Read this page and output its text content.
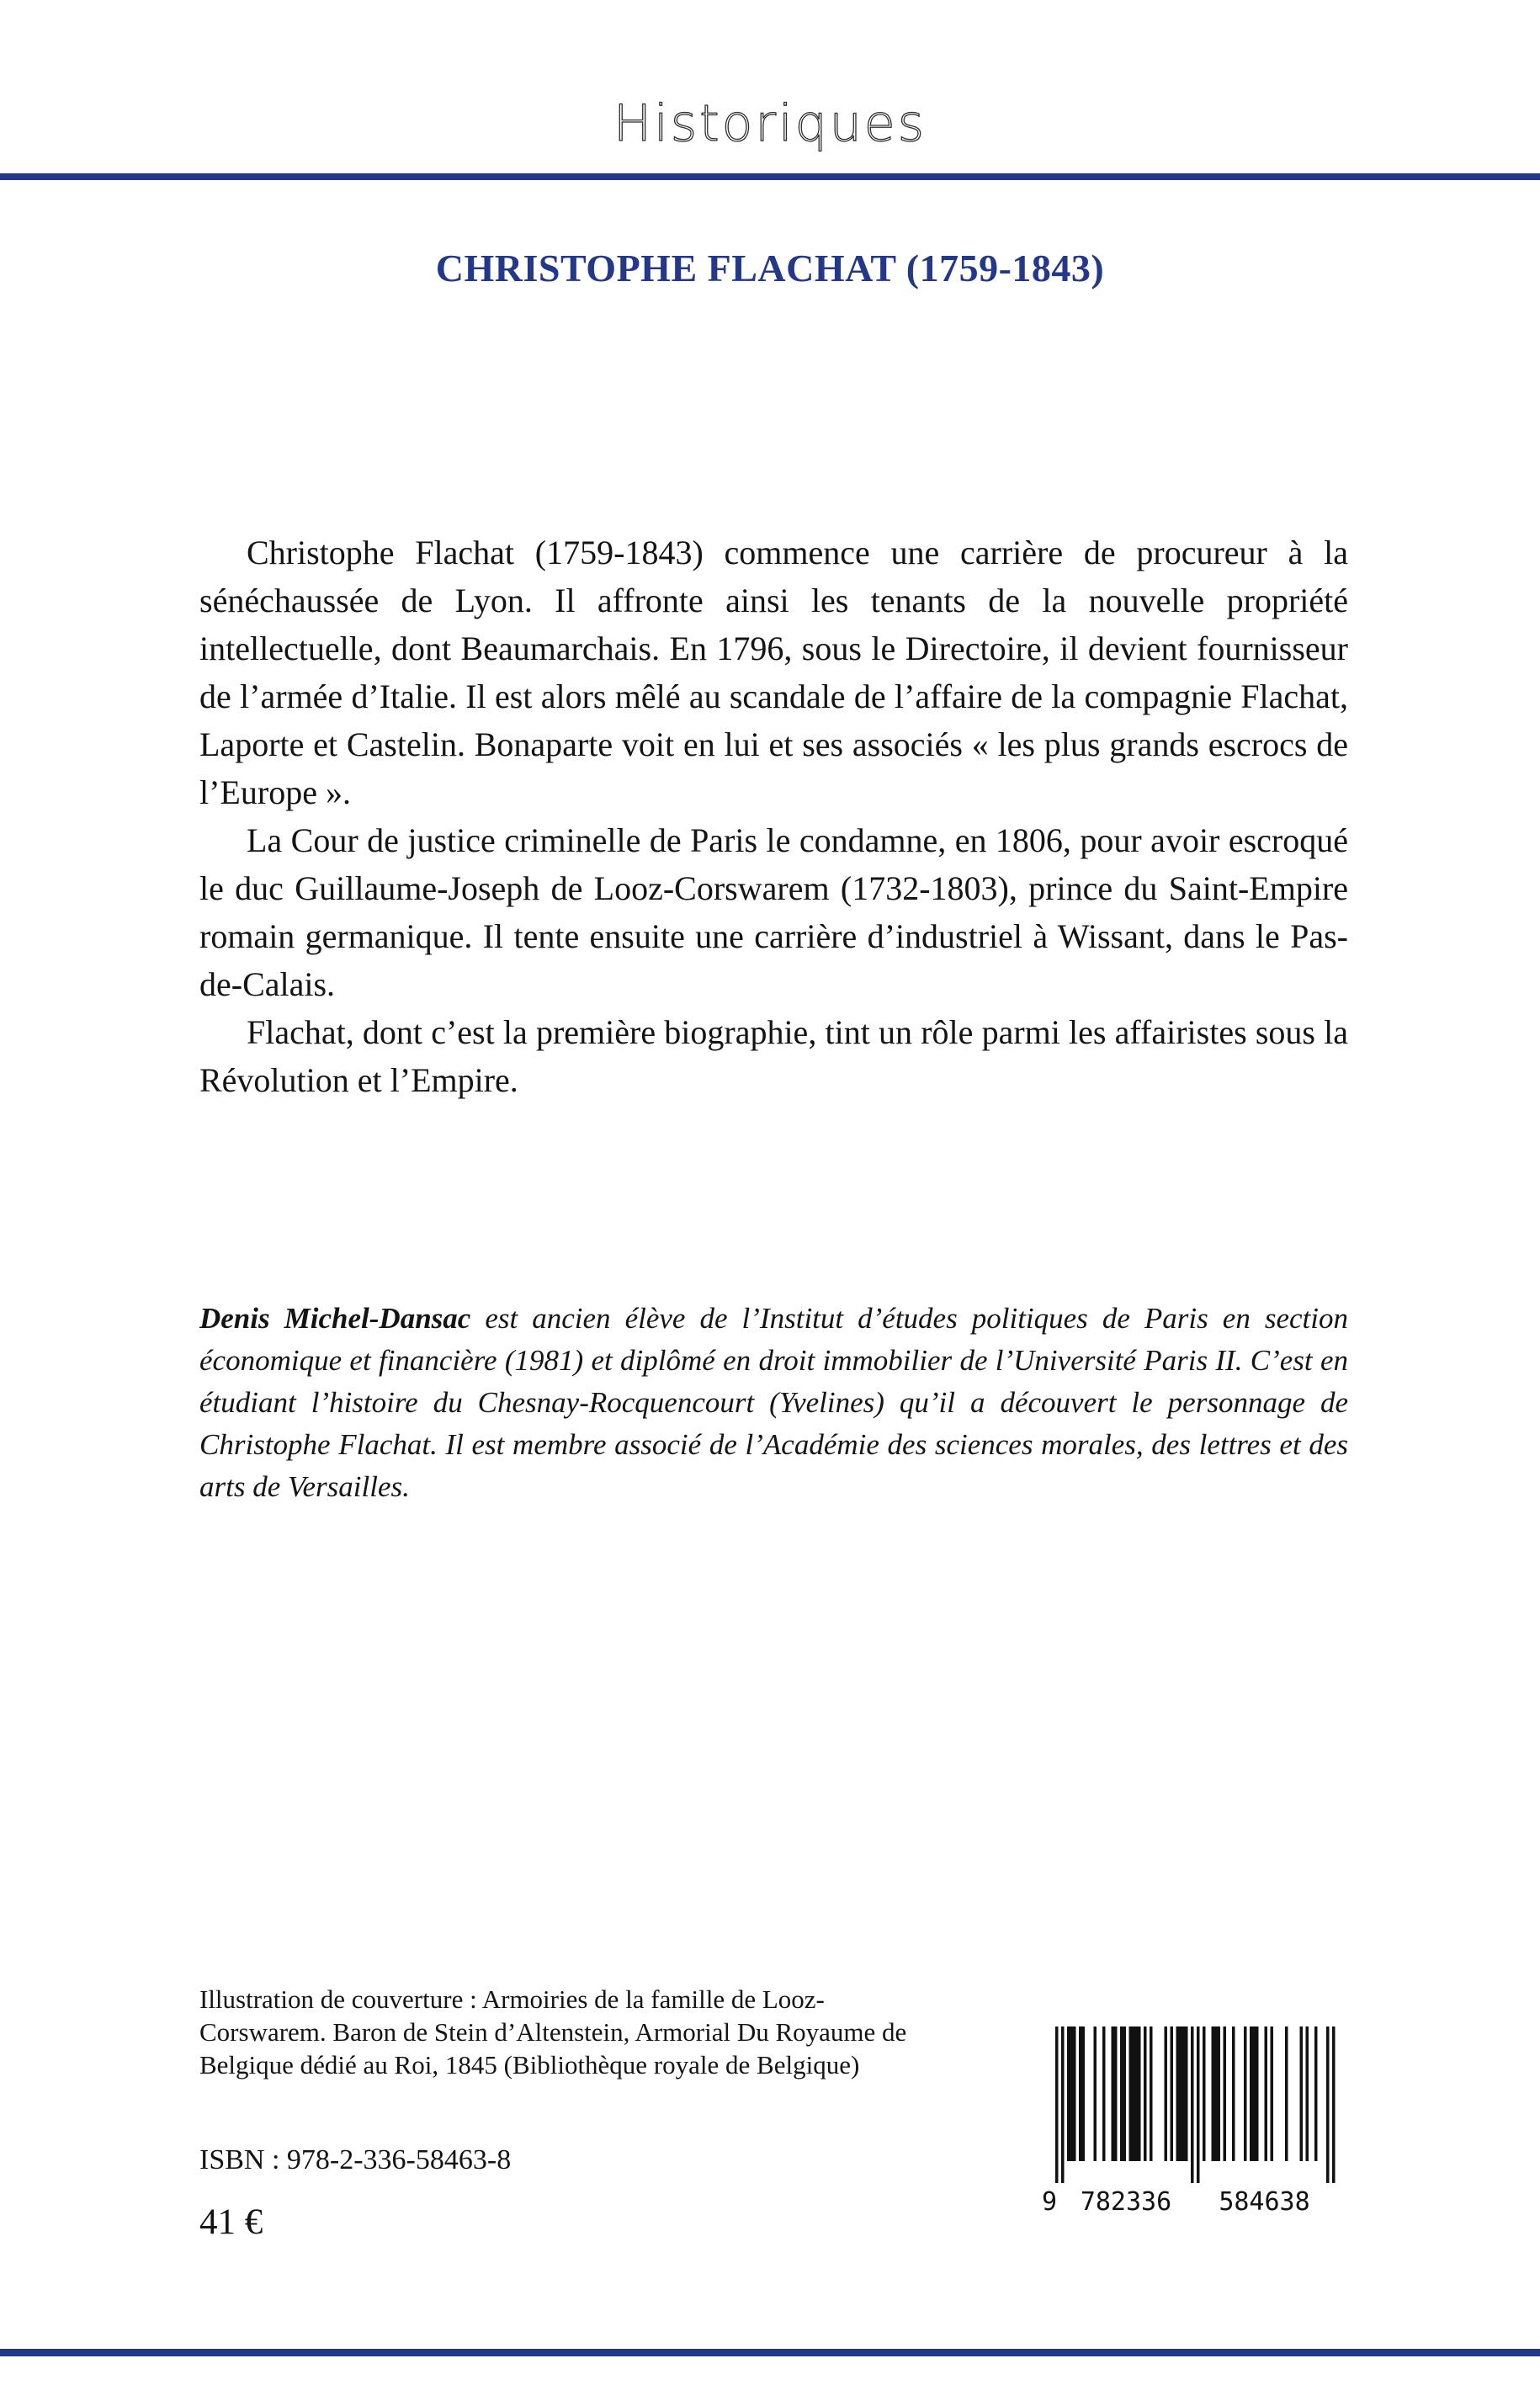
Historiques
CHRISTOPHE FLACHAT (1759-1843)

Christophe Flachat (1759-1843) commence une carrière de procureur à la sénéchaussée de Lyon. Il affronte ainsi les tenants de la nouvelle propriété intellectuelle, dont Beaumarchais. En 1796, sous le Directoire, il devient fournisseur de l’armée d’Italie. Il est alors mêlé au scandale de l’affaire de la compagnie Flachat, Laporte et Castelin. Bonaparte voit en lui et ses associés « les plus grands escrocs de l’Europe ».

La Cour de justice criminelle de Paris le condamne, en 1806, pour avoir escroqué le duc Guillaume-Joseph de Looz-Corswarem (1732-1803), prince du Saint-Empire romain germanique. Il tente ensuite une carrière d’industriel à Wissant, dans le Pas-de-Calais.

Flachat, dont c’est la première biographie, tint un rôle parmi les affairistes sous la Révolution et l’Empire.

Denis Michel-Dansac est ancien élève de l’Institut d’études politiques de Paris en section économique et financière (1981) et diplômé en droit immobilier de l’Université Paris II. C’est en étudiant l’histoire du Chesnay-Rocquencourt (Yvelines) qu’il a découvert le personnage de Christophe Flachat. Il est membre associé de l’Académie des sciences morales, des lettres et des arts de Versailles.

Illustration de couverture : Armoiries de la famille de Looz-Corswarem. Baron de Stein d’Altenstein, Armorial Du Royaume de Belgique dédié au Roi, 1845 (Bibliothèque royale de Belgique)
ISBN : 978-2-336-58463-8
41 €
9 782336 584638
